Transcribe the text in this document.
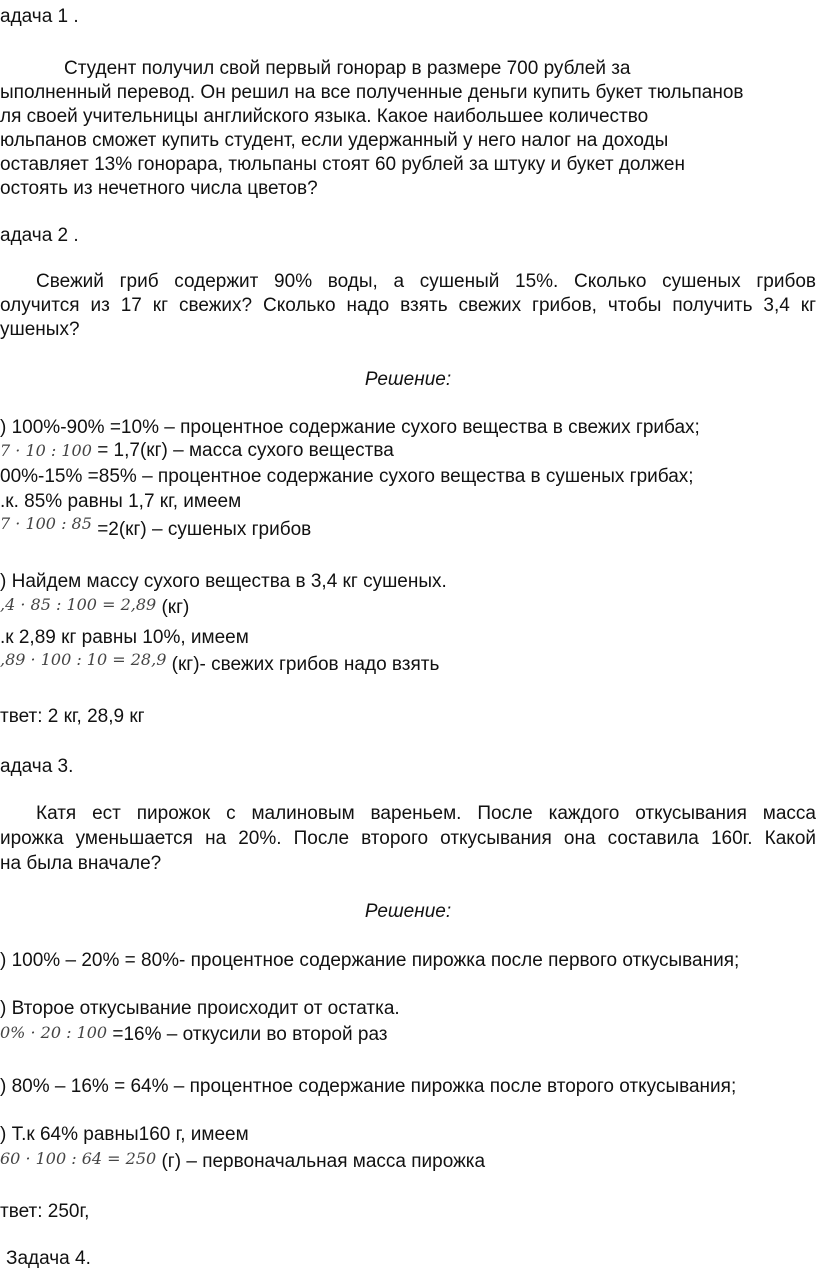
адача 1 .
Студент получил свой первый гонорар в размере 700 рублей за
ыполненный перевод. Он решил на все полученные деньги купить букет тюльпанов
ля своей учительницы английского языка. Какое наибольшее количество
юльпанов сможет купить студент, если удержанный у него налог на доходы
оставляет 13% гонорара, тюльпаны стоят 60 рублей за штуку и букет должен
остоять из нечетного числа цветов?
адача 2 .
Свежий гриб содержит 90% воды, а сушеный 15%. Сколько сушеных грибов
олучится из 17 кг свежих? Сколько надо взять свежих грибов, чтобы получить 3,4 кг
ушеных?
Решение:
) 100%-90% =10% – процентное содержание сухого вещества в свежих грибах;
7 · 10 : 100 = 1,7(кг) – масса сухого вещества
00%-15% =85% – процентное содержание сухого вещества в сушеных грибах;
.к. 85% равны 1,7 кг, имеем
7 · 100 : 85 =2(кг) – сушеных грибов
) Найдем массу сухого вещества в 3,4 кг сушеных.
,4 · 85 : 100 = 2,89 (кг)
.к 2,89 кг равны 10%, имеем
,89 · 100 : 10 = 28,9 (кг)- свежих грибов надо взять
твет: 2 кг, 28,9 кг
адача 3.
Катя ест пирожок с малиновым вареньем. После каждого откусывания масса
ирожка уменьшается на 20%. После второго откусывания она составила 160г. Какой
на была вначале?
Решение:
) 100% – 20% = 80%- процентное содержание пирожка после первого откусывания;
) Второе откусывание происходит от остатка.
0% · 20 : 100 =16% – откусили во второй раз
) 80% – 16% = 64% – процентное содержание пирожка после второго откусывания;
) Т.к 64% равны160 г, имеем
60 · 100 : 64 = 250 (г) – первоначальная масса пирожка
твет: 250г,
Задача 4.
